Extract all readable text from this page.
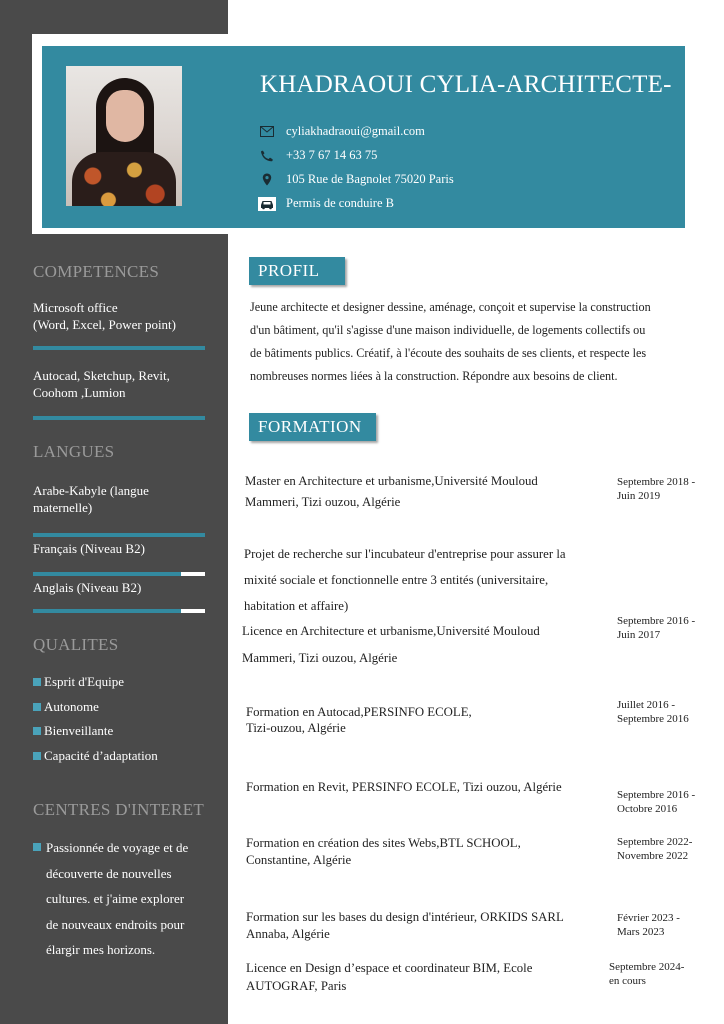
KHADRAOUI CYLIA-ARCHITECTE-
cyliakhadraoui@gmail.com
+33 7 67 14 63 75
105 Rue de Bagnolet 75020 Paris
Permis de conduire B
COMPETENCES
Microsoft office
(Word, Excel, Power point)
Autocad, Sketchup, Revit,
Coohom ,Lumion
LANGUES
Arabe-Kabyle (langue
maternelle)
Français (Niveau B2)
Anglais (Niveau B2)
QUALITES
Esprit d'Equipe
Autonome
Bienveillante
Capacité d’adaptation
CENTRES D'INTERET

Passionnée de voyage et de
découverte de nouvelles
cultures. et j'aime explorer
de nouveaux endroits pour
élargir mes horizons.

PROFIL

Jeune architecte et designer dessine, aménage, conçoit et supervise la construction
d'un bâtiment, qu'il s'agisse d'une maison individuelle, de logements collectifs ou
de bâtiments publics. Créatif, à l'écoute des souhaits de ses clients, et respecte les
nombreuses normes liées à la construction. Répondre aux besoins de client.

FORMATION
Master en Architecture et urbanisme,Université Mouloud
Mammeri, Tizi ouzou, Algérie
Septembre 2018 -
Juin 2019
Projet de recherche sur l'incubateur d'entreprise pour assurer la
mixité sociale et fonctionnelle entre 3 entités (universitaire,
habitation et affaire)
Licence en Architecture et urbanisme,Université Mouloud
Mammeri, Tizi ouzou, Algérie
Septembre 2016 -
Juin 2017
Formation en Autocad,PERSINFO ECOLE,
Tizi-ouzou, Algérie
Juillet 2016 -
Septembre 2016
Formation en Revit, PERSINFO ECOLE, Tizi ouzou, Algérie
Septembre 2016 -
Octobre 2016
Formation en création des sites Webs,BTL SCHOOL,
Constantine, Algérie
Septembre 2022-
Novembre 2022
Formation sur les bases du design d'intérieur, ORKIDS SARL
Annaba, Algérie
Février 2023 -
Mars 2023
Licence en Design d’espace et coordinateur BIM, Ecole
AUTOGRAF, Paris
Septembre 2024-
en cours
